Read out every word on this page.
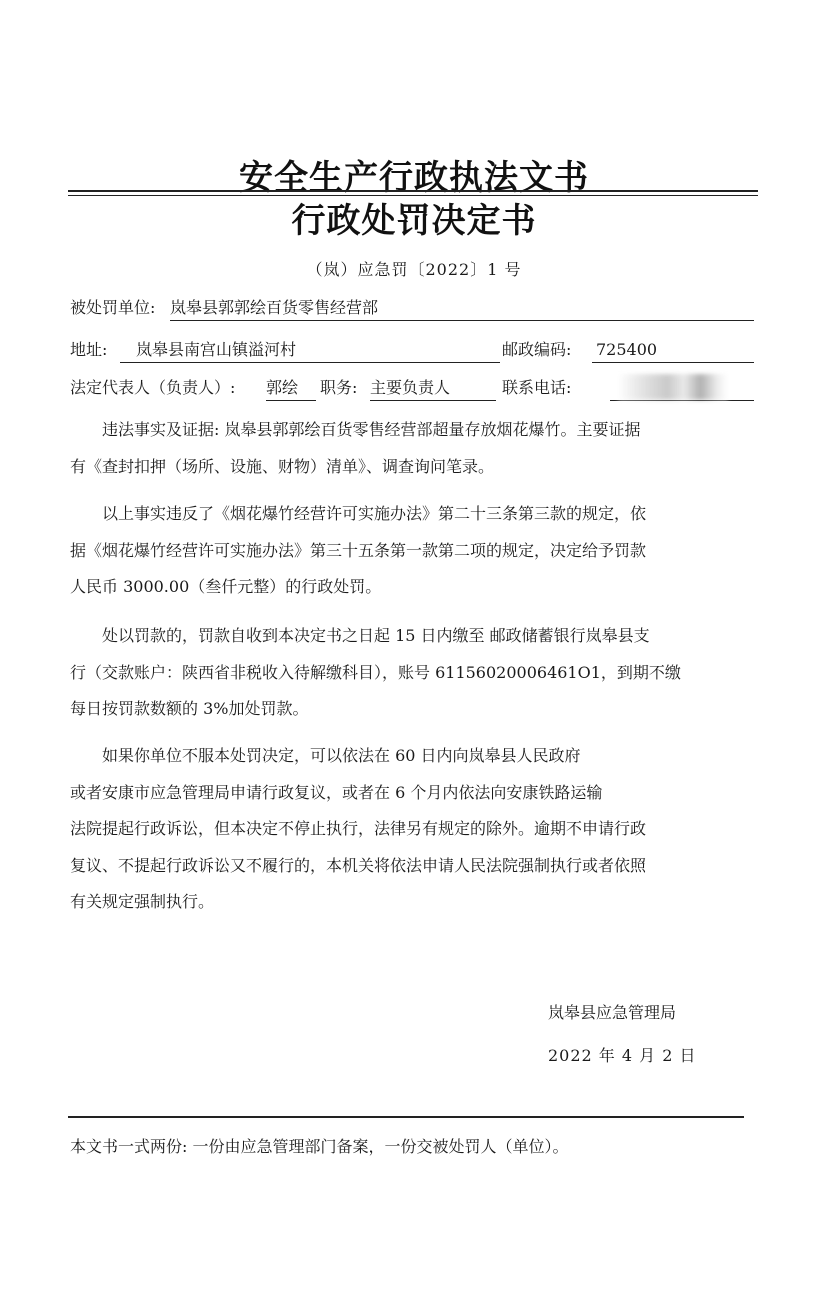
安全生产行政执法文书
行政处罚决定书
（岚）应急罚〔2022〕1 号
被处罚单位: 岚皋县郭郭绘百货零售经营部
地址:	岚皋县南宫山镇溢河村	邮政编码: 725400
法定代表人（负责人）: 郭绘	职务: 主要负责人	联系电话:
　　违法事实及证据: 岚皋县郭郭绘百货零售经营部超量存放烟花爆竹。主要证据
有《查封扣押（场所、设施、财物）清单》、调查询问笔录。
　　以上事实违反了《烟花爆竹经营许可实施办法》第二十三条第三款的规定，依
据《烟花爆竹经营许可实施办法》第三十五条第一款第二项的规定，决定给予罚款
人民币 3000.00（叁仟元整）的行政处罚。
　　处以罚款的，罚款自收到本决定书之日起 15 日内缴至 邮政储蓄银行岚皋县支
行（交款账户：陕西省非税收入待解缴科目），账号 61156020006461O1，到期不缴
每日按罚款数额的 3%加处罚款。
　　如果你单位不服本处罚决定，可以依法在 60 日内向岚皋县人民政府
或者安康市应急管理局申请行政复议，或者在 6 个月内依法向安康铁路运输
法院提起行政诉讼，但本决定不停止执行，法律另有规定的除外。逾期不申请行政
复议、不提起行政诉讼又不履行的，本机关将依法申请人民法院强制执行或者依照
有关规定强制执行。
岚皋县应急管理局
2022 年 4 月 2 日
本文书一式两份: 一份由应急管理部门备案，一份交被处罚人（单位）。
